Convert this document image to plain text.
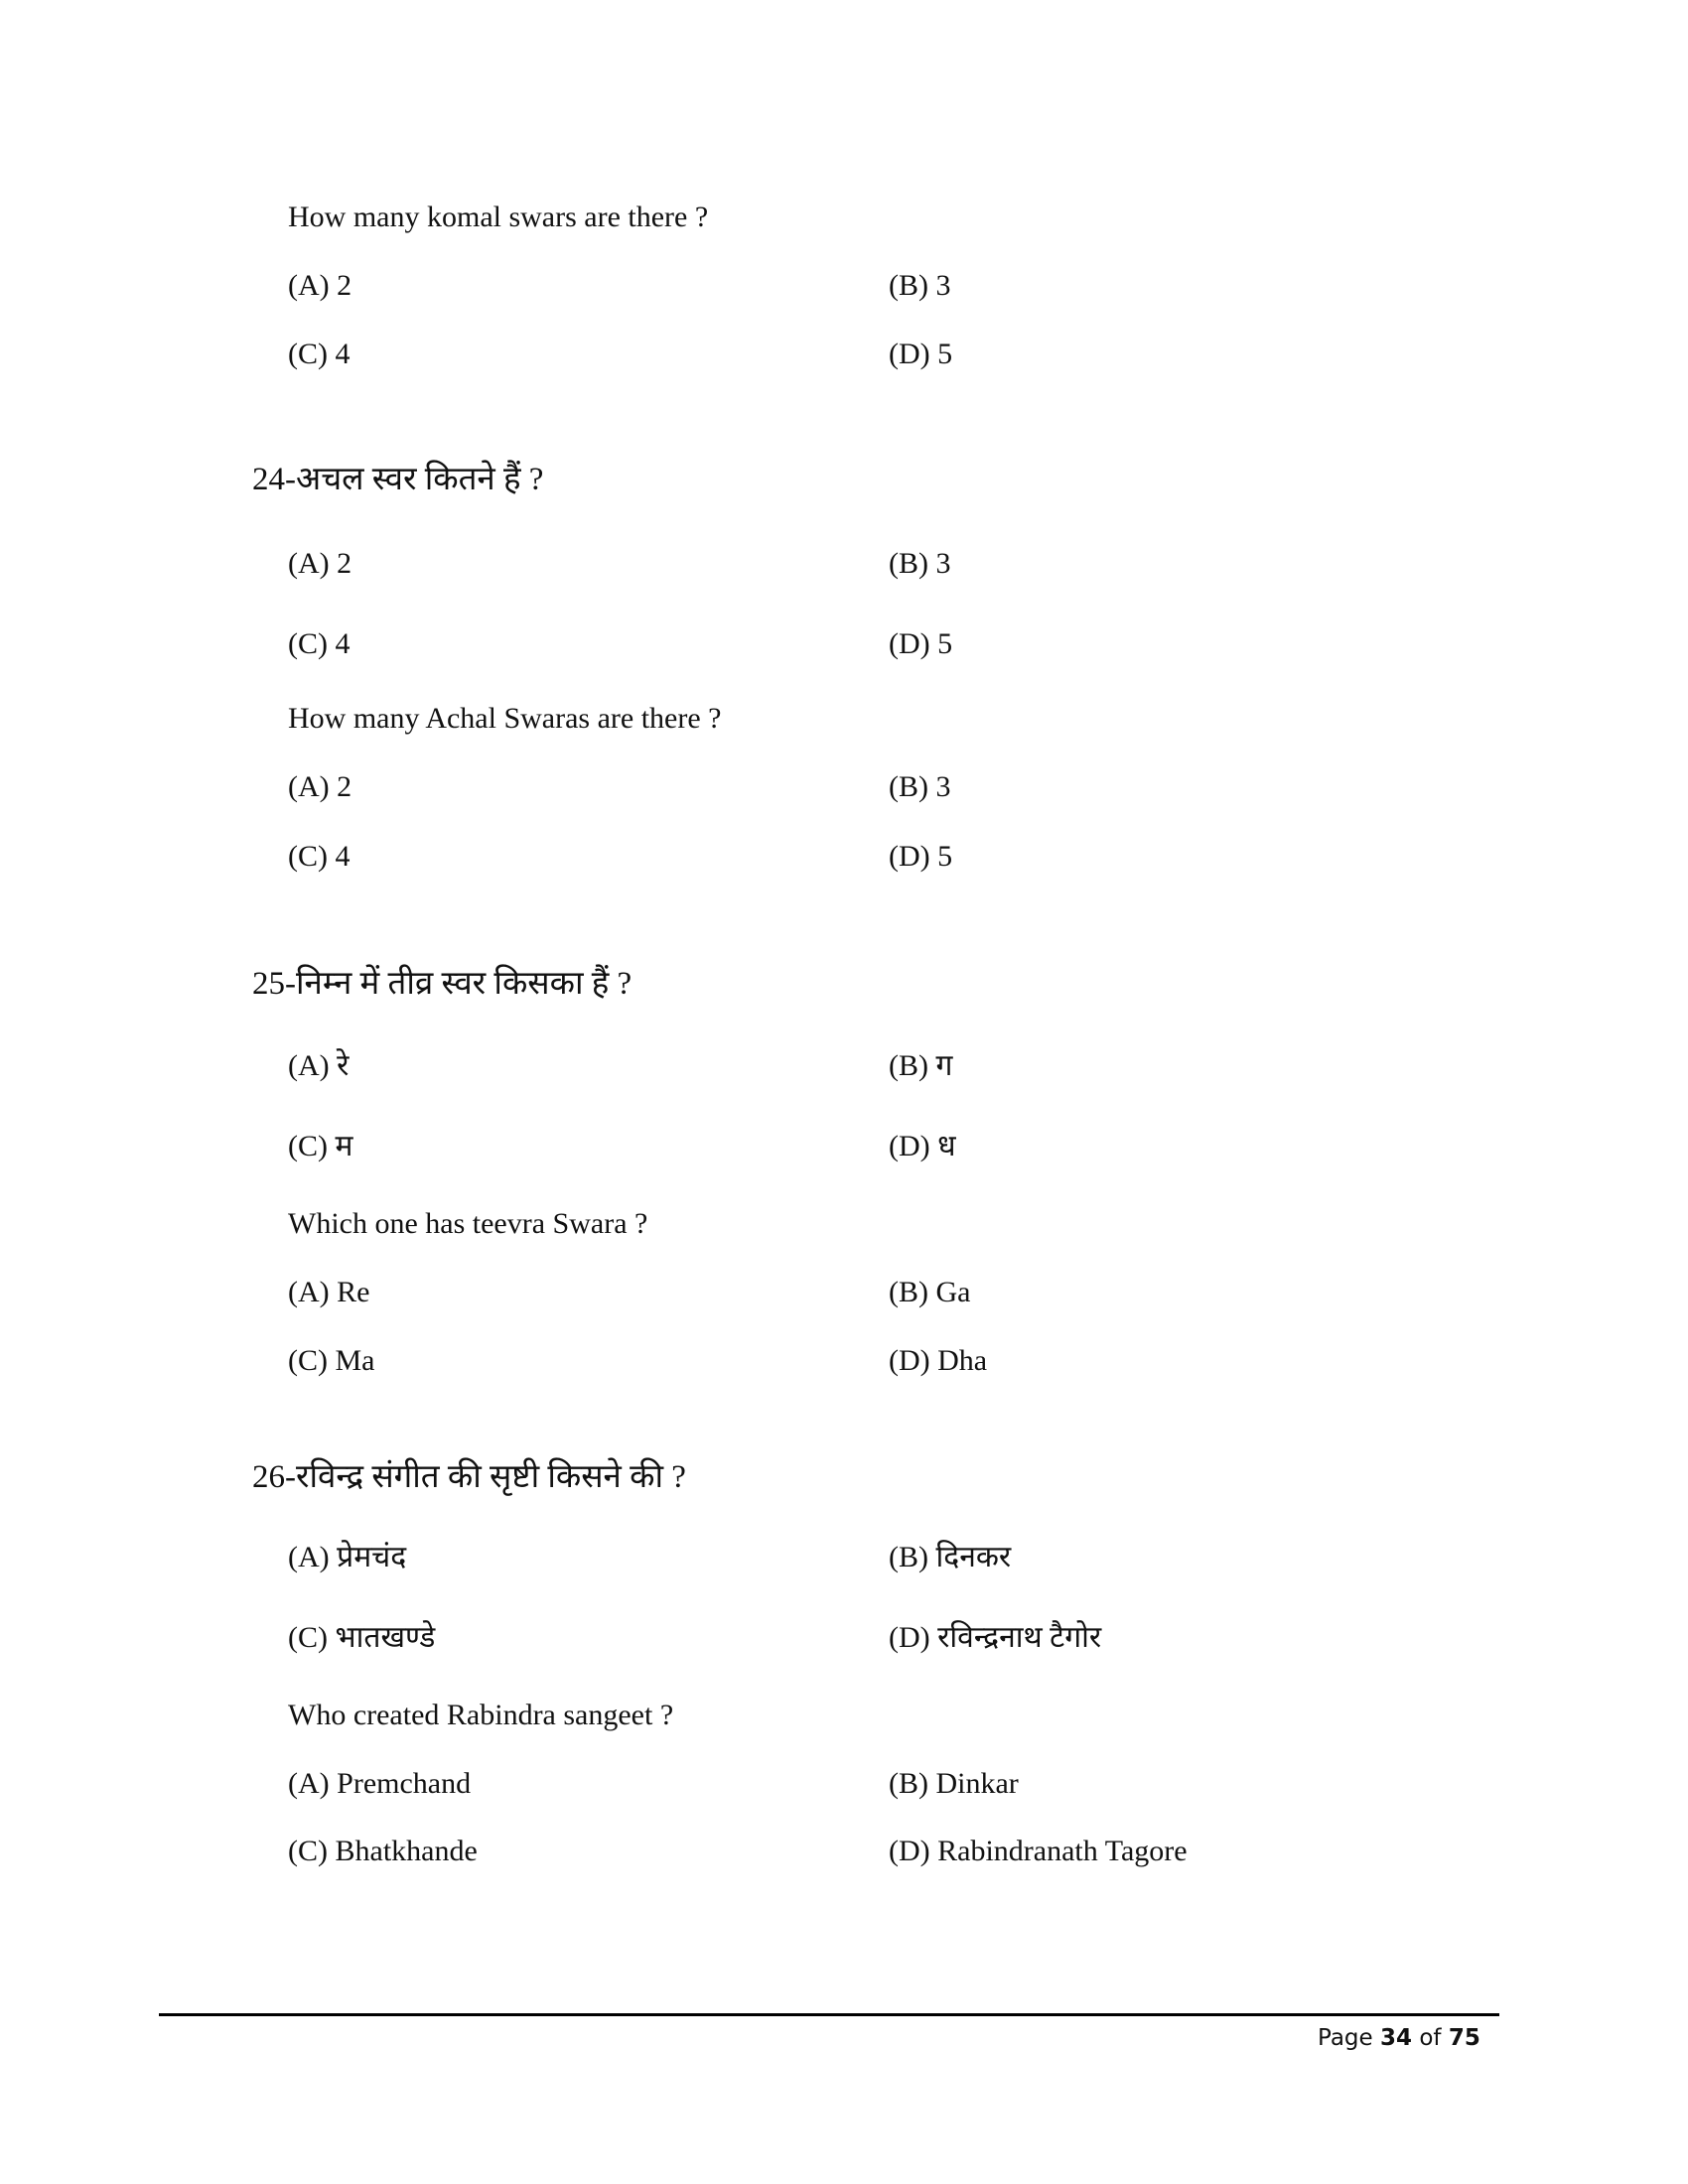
How many komal swars are there ?
(A) 2	(B) 3
(C) 4	(D) 5
24-अचल स्वर कितने हैं ?
(A) 2	(B) 3
(C) 4	(D) 5
How many Achal Swaras are there ?
(A) 2	(B) 3
(C) 4	(D) 5
25-निम्न में तीव्र स्वर किसका हैं ?
(A) रे	(B) ग
(C) म	(D) ध
Which one has teevra Swara ?
(A) Re	(B) Ga
(C) Ma	(D) Dha
26-रविन्द्र संगीत की सृष्टी किसने की ?
(A) प्रेमचंद	(B) दिनकर
(C) भातखण्डे	(D) रविन्द्रनाथ टैगोर
Who created Rabindra sangeet ?
(A) Premchand	(B) Dinkar
(C) Bhatkhande	(D) Rabindranath Tagore
Page 34 of 75
